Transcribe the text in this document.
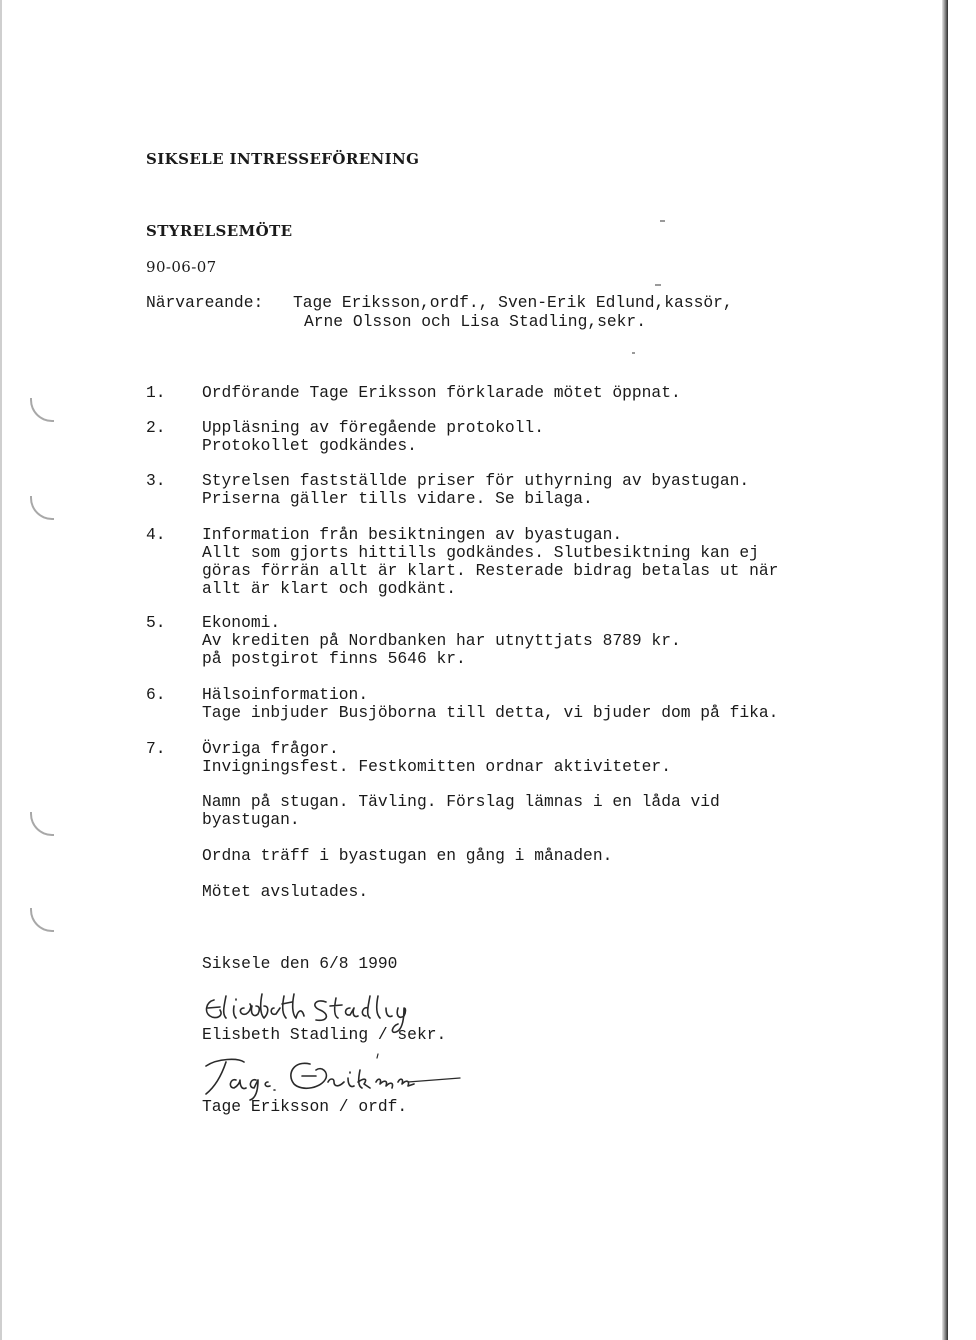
SIKSELE INTRESSEFÖRENING
STYRELSEMÖTE
90-06-07
Närvareande: Tage Eriksson,ordf., Sven-Erik Edlund,kassör,
Arne Olsson och Lisa Stadling,sekr.
1. Ordförande Tage Eriksson förklarade mötet öppnat.
2. Uppläsning av föregående protokoll.
Protokollet godkändes.
3. Styrelsen fastställde priser för uthyrning av byastugan.
Priserna gäller tills vidare. Se bilaga.
4. Information från besiktningen av byastugan.
Allt som gjorts hittills godkändes. Slutbesiktning kan ej
göras förrän allt är klart. Resterade bidrag betalas ut när
allt är klart och godkänt.
5. Ekonomi.
Av krediten på Nordbanken har utnyttjats 8789 kr.
på postgirot finns 5646 kr.
6. Hälsoinformation.
Tage inbjuder Busjöborna till detta, vi bjuder dom på fika.
7. Övriga frågor.
Invigningsfest. Festkomitten ordnar aktiviteter.
Namn på stugan. Tävling. Förslag lämnas i en låda vid
byastugan.
Ordna träff i byastugan en gång i månaden.
Mötet avslutades.
Siksele den 6/8 1990
Elisbeth Stadling / sekr.
Tage Eriksson / ordf.
